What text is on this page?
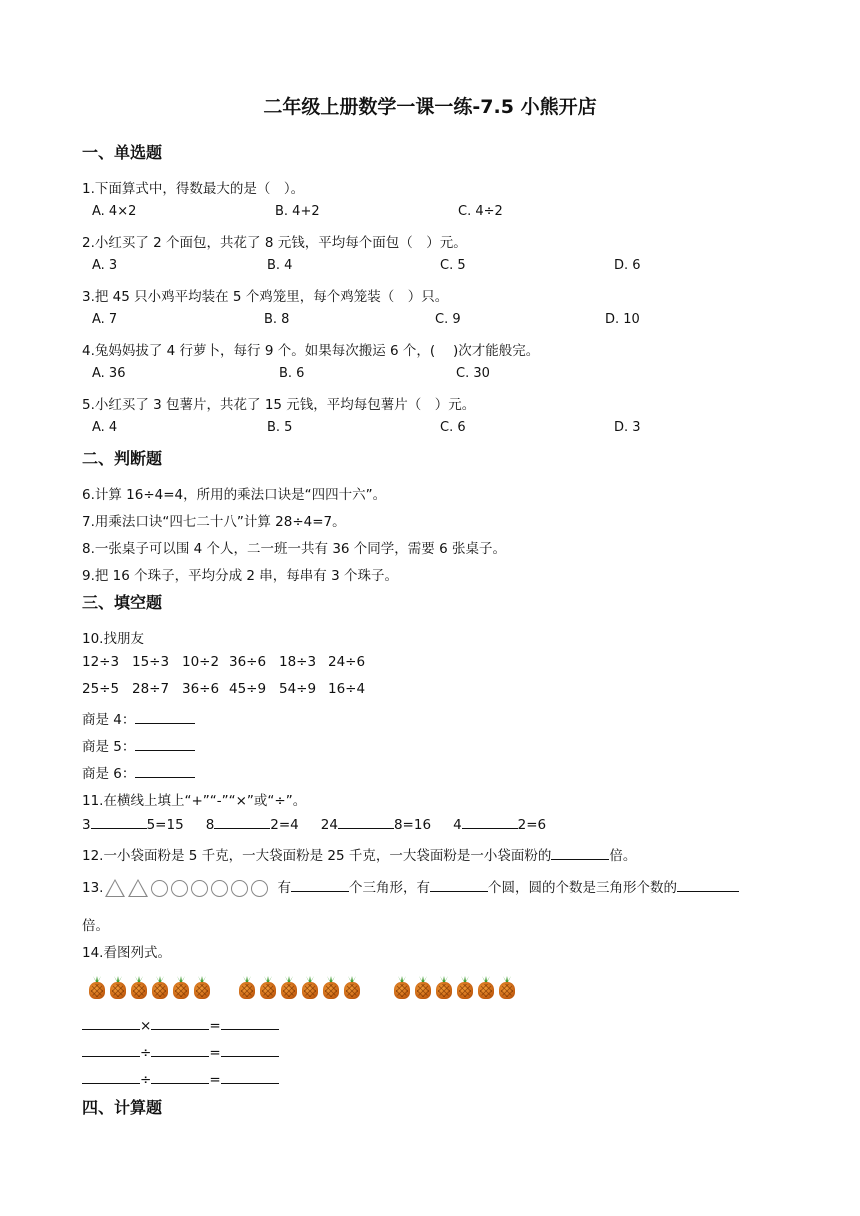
二年级上册数学一课一练-7.5 小熊开店
一、单选题
1.下面算式中，得数最大的是（　）。
A. 4×2	B. 4+2	C. 4÷2
2.小红买了 2 个面包，共花了 8 元钱，平均每个面包（　）元。
A. 3	B. 4	C. 5	D. 6
3.把 45 只小鸡平均装在 5 个鸡笼里，每个鸡笼装（　）只。
A. 7	B. 8	C. 9	D. 10
4.兔妈妈拔了 4 行萝卜，每行 9 个。如果每次搬运 6 个，(　 )次才能般完。
A. 36	B. 6	C. 30
5.小红买了 3 包薯片，共花了 15 元钱，平均每包薯片（　）元。
A. 4	B. 5	C. 6	D. 3
二、判断题
6.计算 16÷4=4，所用的乘法口诀是“四四十六”。
7.用乘法口诀“四七二十八”计算 28÷4=7。
8.一张桌子可以围 4 个人，二一班一共有 36 个同学，需要 6 张桌子。
9.把 16 个珠子，平均分成 2 串，每串有 3 个珠子。
三、填空题
10.找朋友
12÷3 15÷3 10÷2 36÷6 18÷3 24÷6
25÷5 28÷7 36÷6 45÷9 54÷9 16÷4
商是 4：
商是 5：
商是 6：
11.在横线上填上“+”“-”“×”或“÷”。
3	5=15 8	2=4 24	8=16 4	2=6
12.一小袋面粉是 5 千克，一大袋面粉是 25 千克，一大袋面粉是一小袋面粉的	倍。
13.	有	个三角形，有	个圆，圆的个数是三角形个数的
倍。
14.看图列式。
×	=
÷	=
÷	=
四、计算题
